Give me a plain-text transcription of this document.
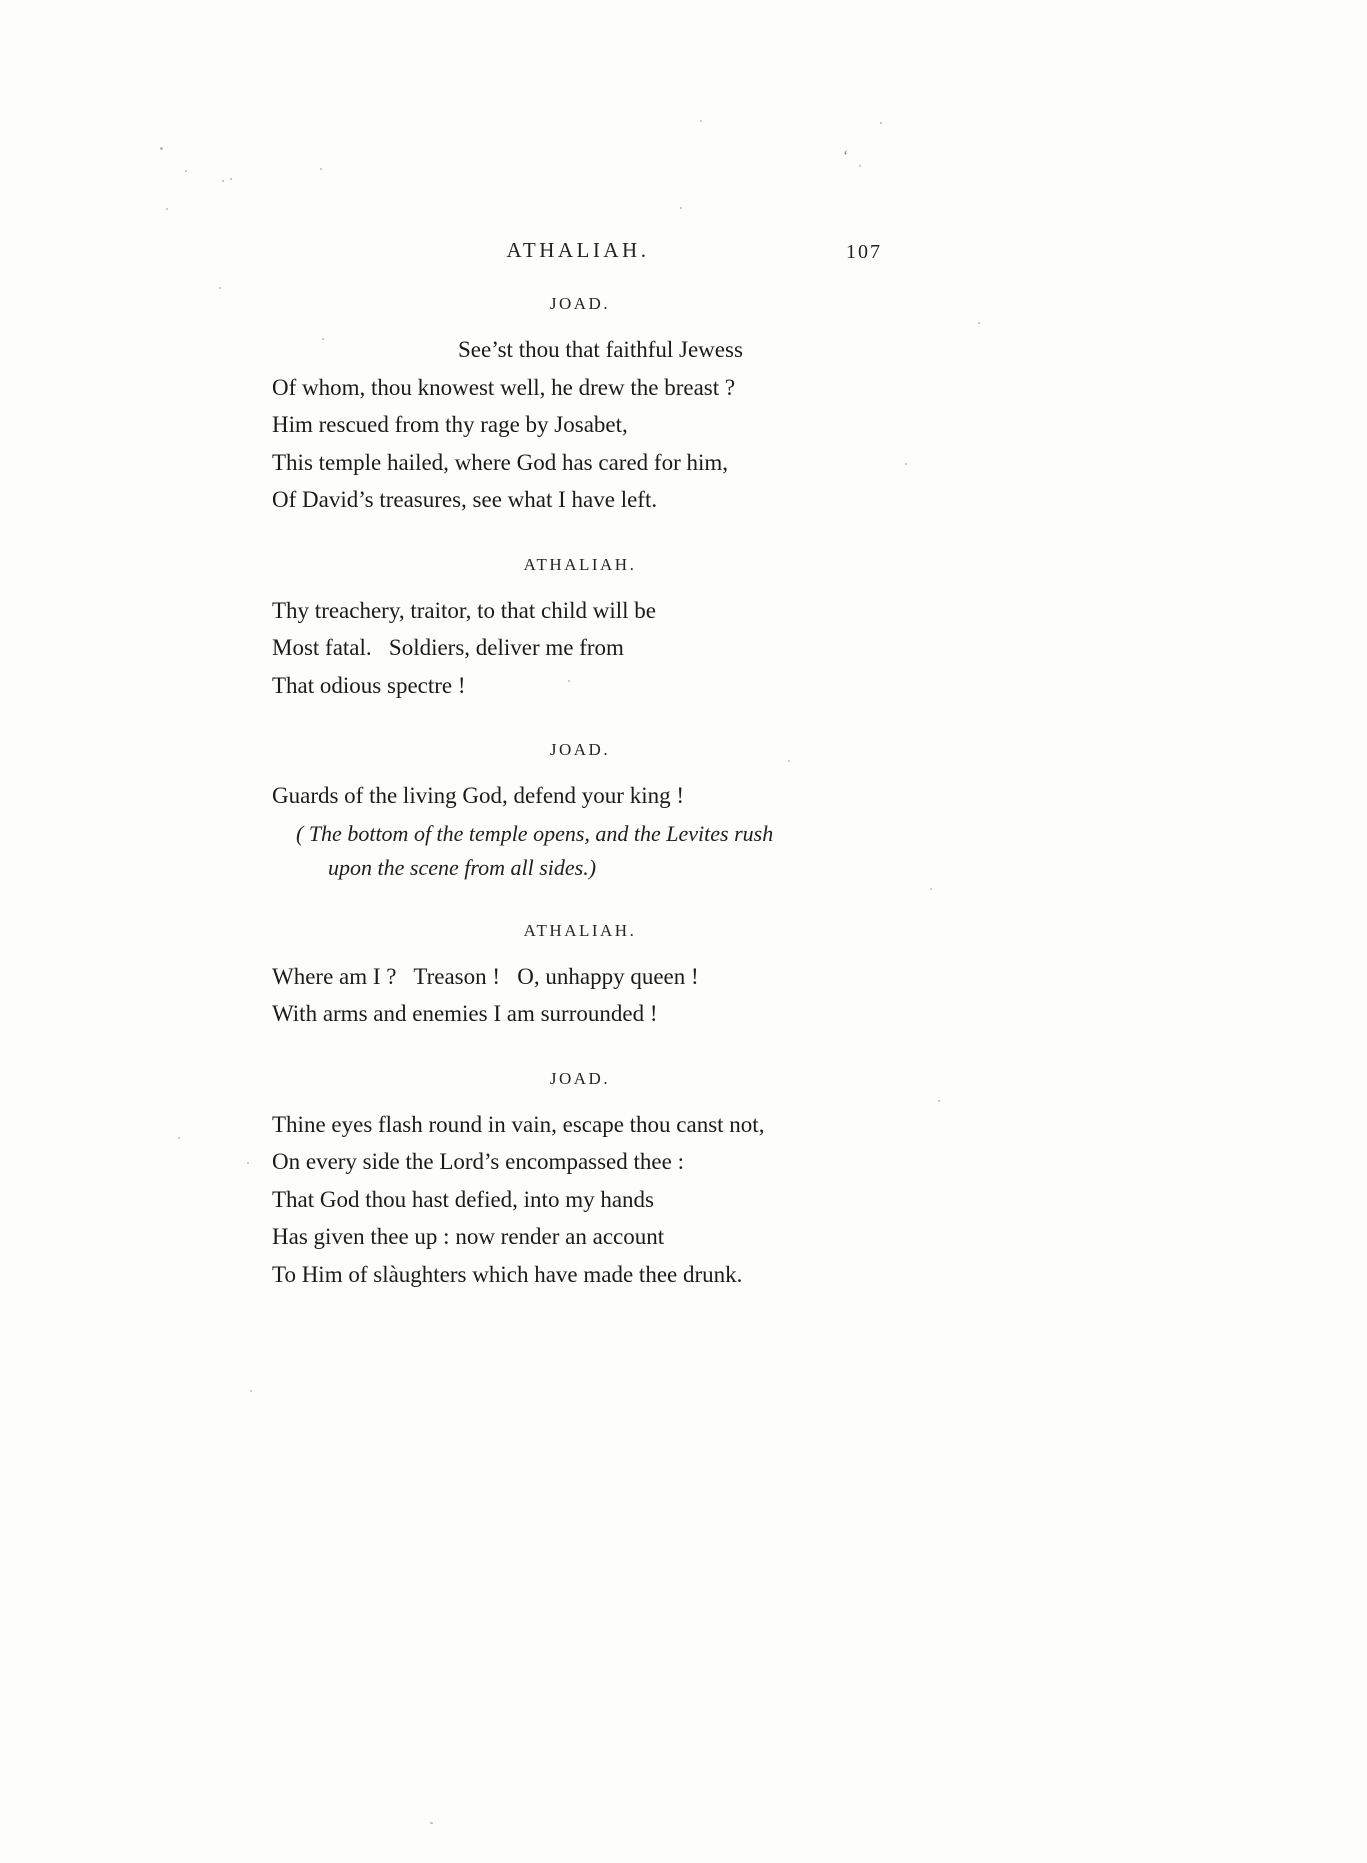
ATHALIAH.	107
JOAD.

See’st thou that faithful Jewess

Of whom, thou knowest well, he drew the breast ?

Him rescued from thy rage by Josabet,

This temple hailed, where God has cared for him,

Of David’s treasures, see what I have left.

ATHALIAH.

Thy treachery, traitor, to that child will be

Most fatal.   Soldiers, deliver me from

That odious spectre !

JOAD.

Guards of the living God, defend your king !

( The bottom of the temple opens, and the Levites rush

upon the scene from all sides.)

ATHALIAH.

Where am I ?   Treason !   O, unhappy queen !

With arms and enemies I am surrounded !

JOAD.

Thine eyes flash round in vain, escape thou canst not,

On every side the Lord’s encompassed thee :

That God thou hast defied, into my hands

Has given thee up : now render an account

To Him of slàughters which have made thee drunk.

‘
ʾ
